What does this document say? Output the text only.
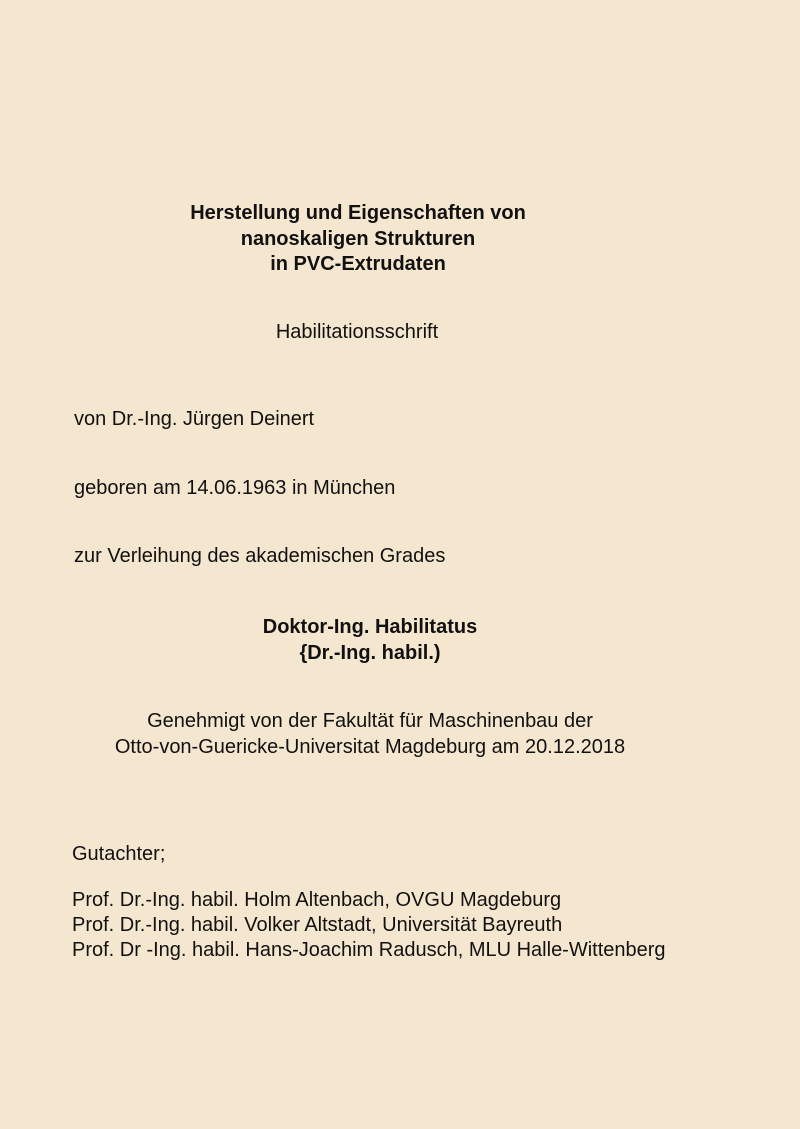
Herstellung und Eigenschaften von
nanoskaligen Strukturen
in PVC-Extrudaten
Habilitationsschrift
von Dr.-Ing. Jürgen Deinert
geboren am 14.06.1963 in München
zur Verleihung des akademischen Grades
Doktor-Ing. Habilitatus
{Dr.-Ing. habil.)
Genehmigt von der Fakultät für Maschinenbau der
Otto-von-Guericke-Universitat Magdeburg am 20.12.2018
Gutachter;
Prof. Dr.-Ing. habil. Holm Altenbach, OVGU Magdeburg
Prof. Dr.-Ing. habil. Volker Altstadt, Universität Bayreuth
Prof. Dr -Ing. habil. Hans-Joachim Radusch, MLU Halle-Wittenberg
